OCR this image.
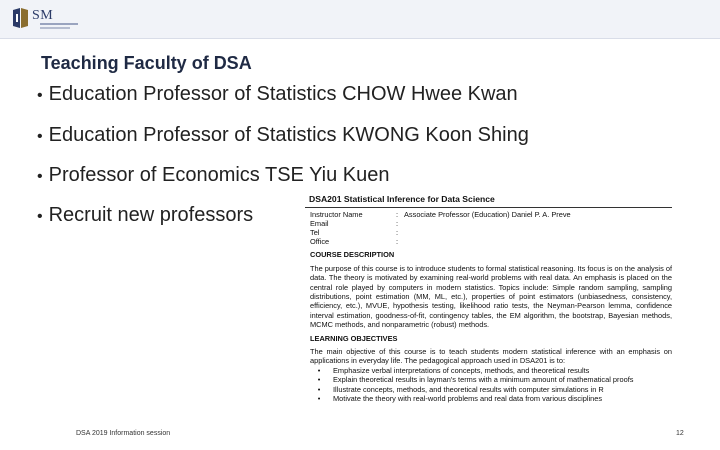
SM
Teaching Faculty of DSA
• Education Professor of Statistics CHOW Hwee Kwan
• Education Professor of Statistics KWONG Koon Shing
• Professor of Economics TSE Yiu Kuen
• Recruit new professors
DSA201 Statistical Inference for Data Science
Instructor Name	: Associate Professor (Education) Daniel P. A. Preve
Email	:
Tel	:
Office	:
COURSE DESCRIPTION
The purpose of this course is to introduce students to formal statistical reasoning. Its focus is on the analysis of data. The theory is motivated by examining real-world problems with real data. An emphasis is placed on the central role played by computers in modern statistics. Topics include: Simple random sampling, sampling distributions, point estimation (MM, ML, etc.), properties of point estimators (unbiasedness, consistency, efficiency, etc.), MVUE, hypothesis testing, likelihood ratio tests, the Neyman-Pearson lemma, confidence interval estimation, goodness-of-fit, contingency tables, the EM algorithm, the bootstrap, Bayesian methods, MCMC methods, and nonparametric (robust) methods.
LEARNING OBJECTIVES
The main objective of this course is to teach students modern statistical inference with an emphasis on applications in everyday life. The pedagogical approach used in DSA201 is to:
•	Emphasize verbal interpretations of concepts, methods, and theoretical results
•	Explain theoretical results in layman's terms with a minimum amount of mathematical proofs
•	Illustrate concepts, methods, and theoretical results with computer simulations in R
•	Motivate the theory with real-world problems and real data from various disciplines
DSA 2019 Information session	12
